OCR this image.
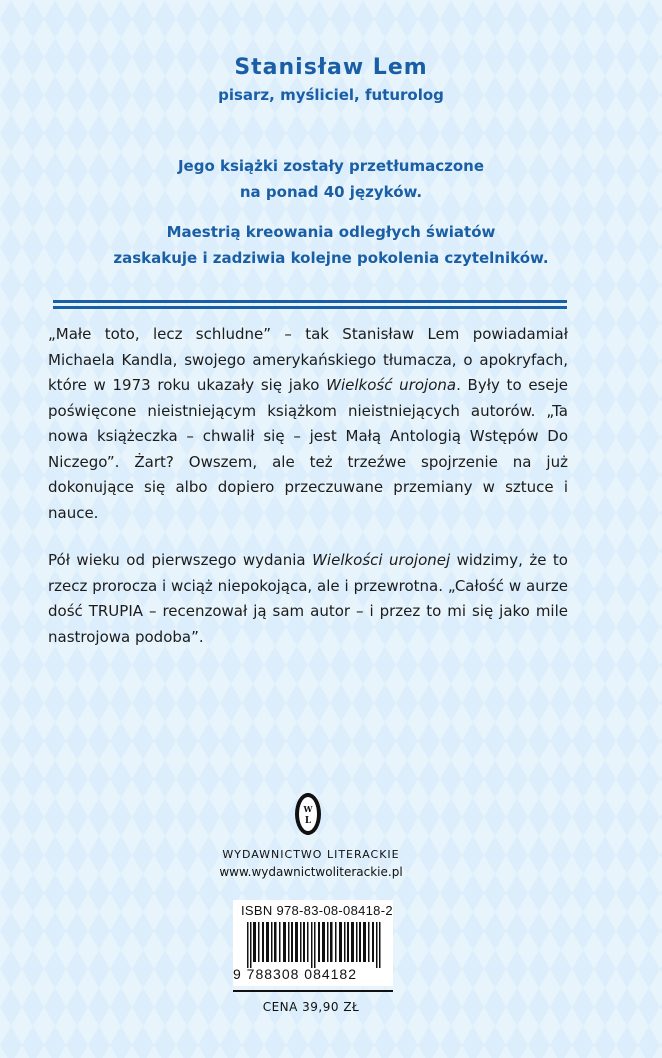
Stanisław Lem
pisarz, myśliciel, futurolog
Jego książki zostały przetłumaczone
na ponad 40 języków.
Maestrią kreowania odległych światów
zaskakuje i zadziwia kolejne pokolenia czytelników.

„Małe toto, lecz schludne” – tak Stanisław Lem powiadamiał Michaela Kandla, swojego amerykańskiego tłumacza, o apokryfach, które w 1973 roku ukazały się jako Wielkość urojona. Były to eseje poświęcone nieistniejącym książkom nieistniejących autorów. „Ta nowa książeczka – chwalił się – jest Małą Antologią Wstępów Do Niczego”. Żart? Owszem, ale też trzeźwe spojrzenie na już dokonujące się albo dopiero przeczuwane przemiany w sztuce i nauce.

Pół wieku od pierwszego wydania Wielkości urojonej widzimy, że to rzecz prorocza i wciąż niepokojąca, ale i przewrotna. „Całość w aurze dość TRUPIA – recenzował ją sam autor – i przez to mi się jako mile nastrojowa podoba”.

W
L
WYDAWNICTWO LITERACKIE
www.wydawnictwoliterackie.pl
ISBN 978-83-08-08418-2
9 788308 084182
CENA 39,90 ZŁ
